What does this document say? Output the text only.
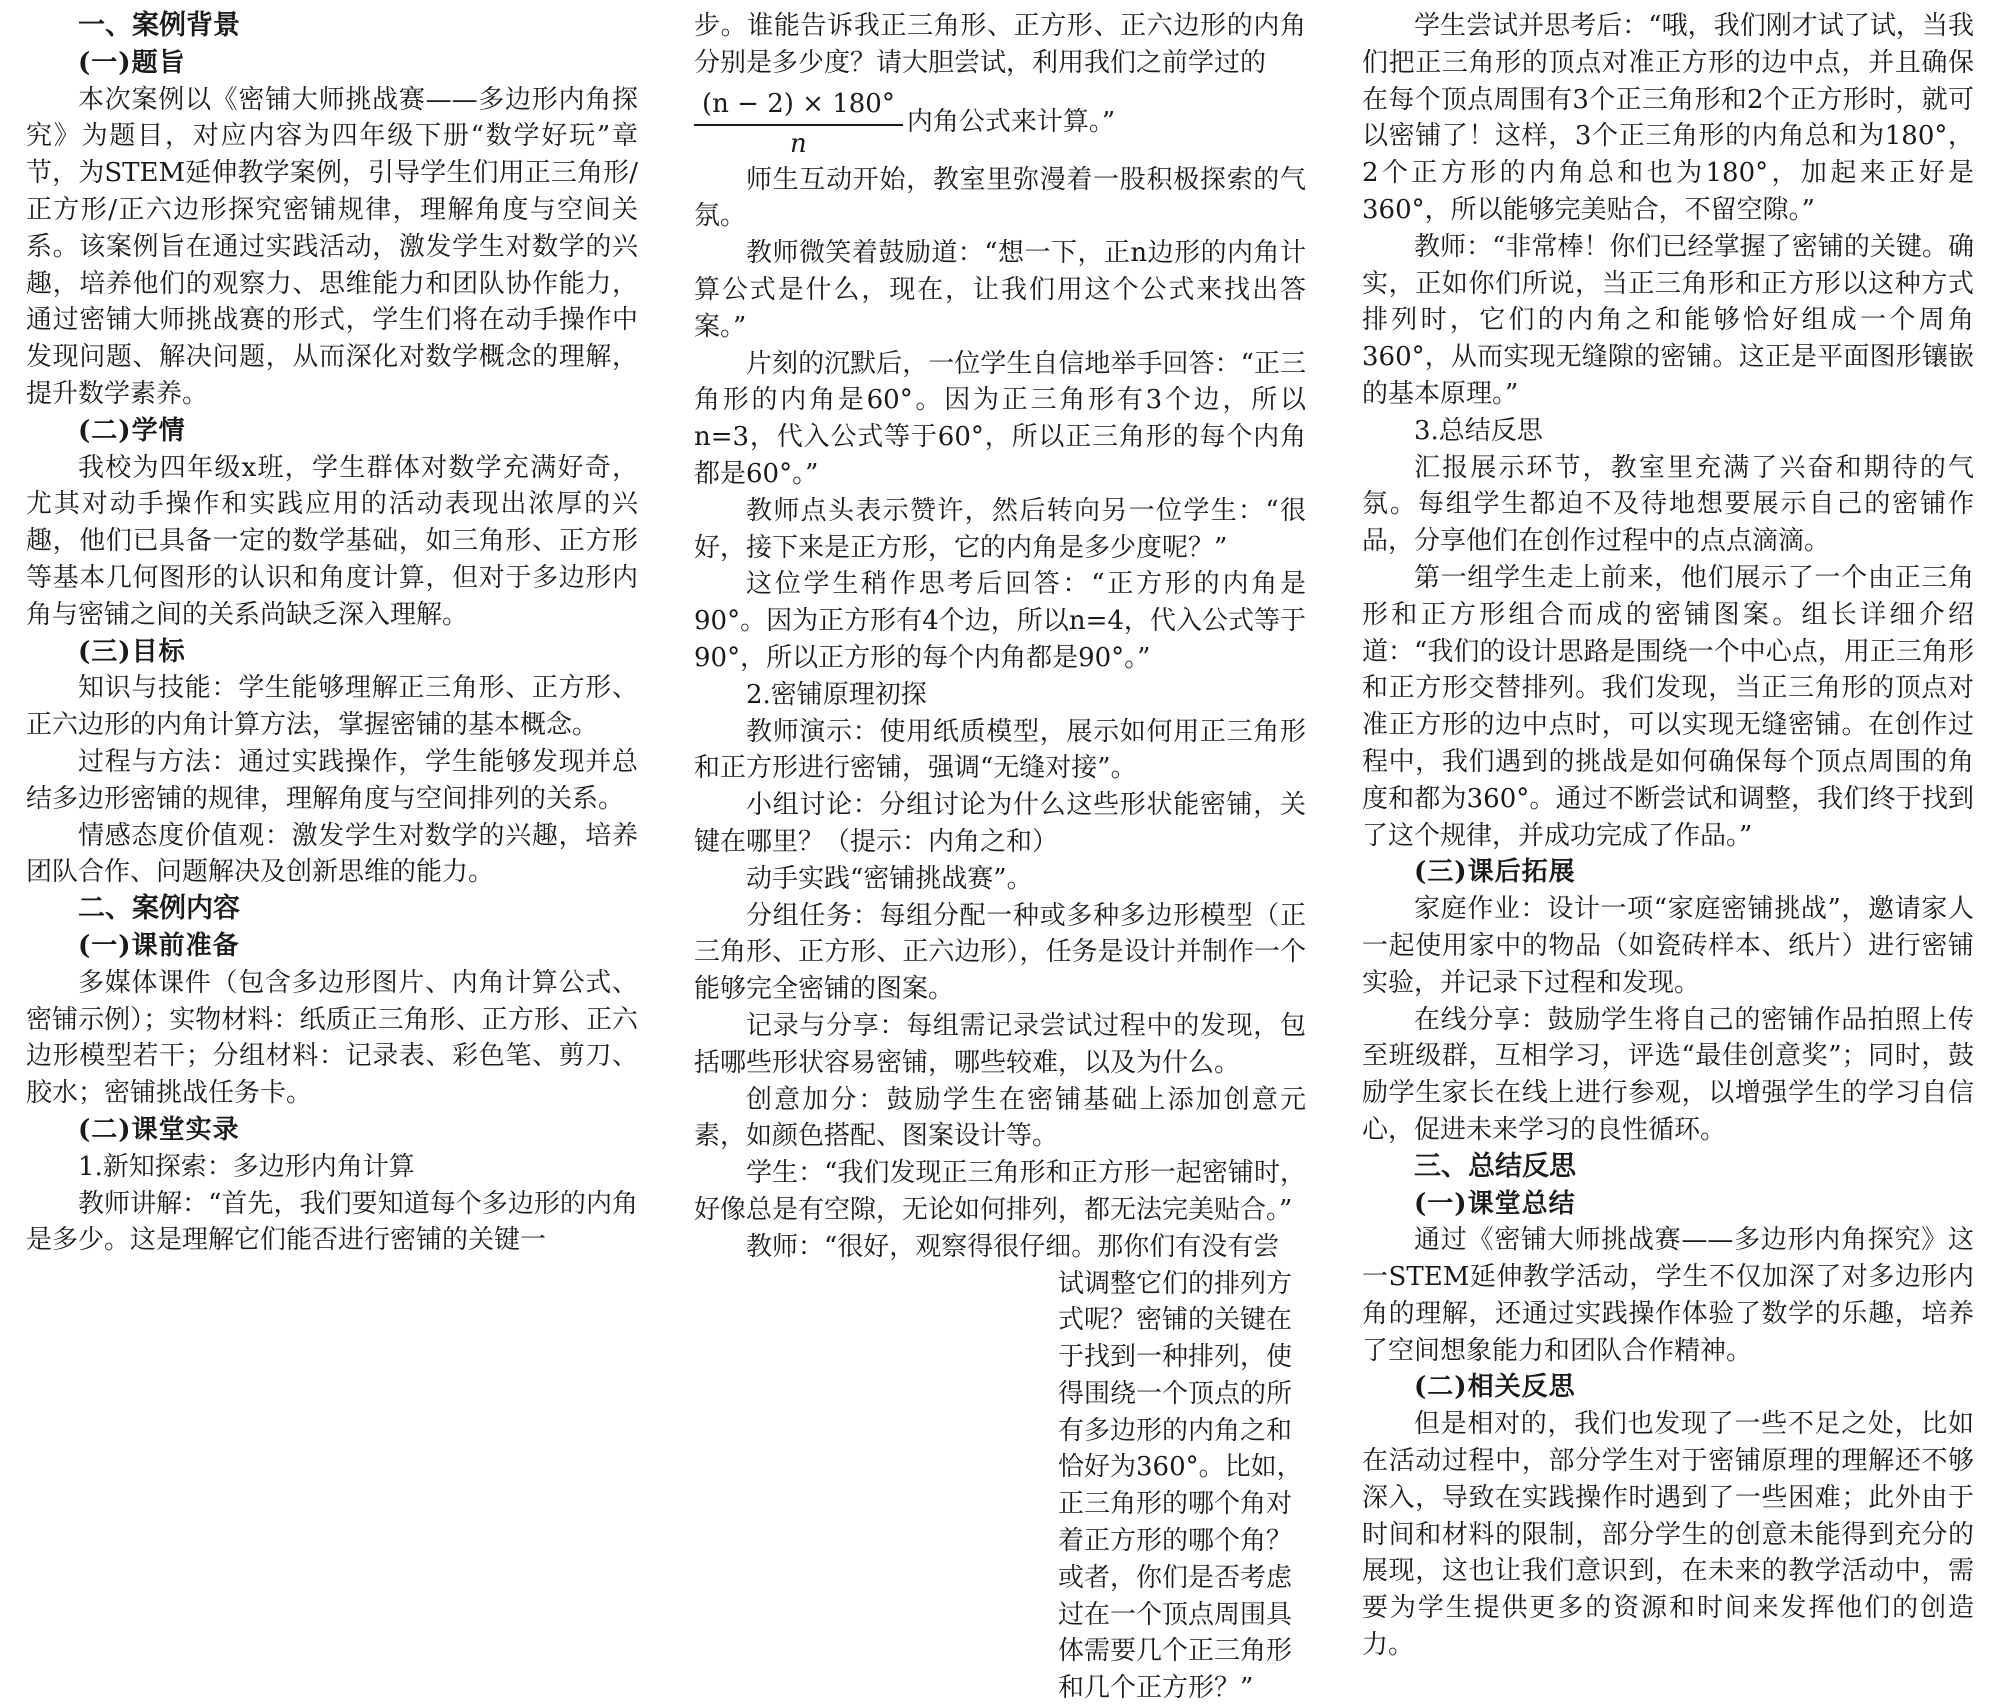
一、案例背景
(一)题旨

本次案例以《密铺大师挑战赛——多边形内角探究》为题目，对应内容为四年级下册“数学好玩”章节，为STEM延伸教学案例，引导学生们用正三角形/正方形/正六边形探究密铺规律，理解角度与空间关系。该案例旨在通过实践活动，激发学生对数学的兴趣，培养他们的观察力、思维能力和团队协作能力，通过密铺大师挑战赛的形式，学生们将在动手操作中发现问题、解决问题，从而深化对数学概念的理解，提升数学素养。

(二)学情

我校为四年级x班，学生群体对数学充满好奇，尤其对动手操作和实践应用的活动表现出浓厚的兴趣，他们已具备一定的数学基础，如三角形、正方形等基本几何图形的认识和角度计算，但对于多边形内角与密铺之间的关系尚缺乏深入理解。

(三)目标

知识与技能：学生能够理解正三角形、正方形、正六边形的内角计算方法，掌握密铺的基本概念。

过程与方法：通过实践操作，学生能够发现并总结多边形密铺的规律，理解角度与空间排列的关系。

情感态度价值观：激发学生对数学的兴趣，培养团队合作、问题解决及创新思维的能力。

二、案例内容
(一)课前准备

多媒体课件（包含多边形图片、内角计算公式、密铺示例）；实物材料：纸质正三角形、正方形、正六边形模型若干；分组材料：记录表、彩色笔、剪刀、胶水；密铺挑战任务卡。

(二)课堂实录

1.新知探索：多边形内角计算

教师讲解：“首先，我们要知道每个多边形的内角是多少。这是理解它们能否进行密铺的关键一

步。谁能告诉我正三角形、正方形、正六边形的内角分别是多少度？请大胆尝试，利用我们之前学过的

$\frac{(n - 2) \times 180^\circ}{n}$ 内角公式来计算。”

师生互动开始，教室里弥漫着一股积极探索的气氛。

教师微笑着鼓励道：“想一下，正n边形的内角计算公式是什么，现在，让我们用这个公式来找出答案。”

片刻的沉默后，一位学生自信地举手回答：“正三角形的内角是60°。因为正三角形有3个边，所以n=3，代入公式等于60°，所以正三角形的每个内角都是60°。”

教师点头表示赞许，然后转向另一位学生：“很好，接下来是正方形，它的内角是多少度呢？”

这位学生稍作思考后回答：“正方形的内角是90°。因为正方形有4个边，所以n=4，代入公式等于90°，所以正方形的每个内角都是90°。”

2.密铺原理初探

教师演示：使用纸质模型，展示如何用正三角形和正方形进行密铺，强调“无缝对接”。

小组讨论：分组讨论为什么这些形状能密铺，关键在哪里？（提示：内角之和）

动手实践“密铺挑战赛”。

分组任务：每组分配一种或多种多边形模型（正三角形、正方形、正六边形），任务是设计并制作一个能够完全密铺的图案。

记录与分享：每组需记录尝试过程中的发现，包括哪些形状容易密铺，哪些较难，以及为什么。

创意加分：鼓励学生在密铺基础上添加创意元素，如颜色搭配、图案设计等。

学生：“我们发现正三角形和正方形一起密铺时，好像总是有空隙，无论如何排列，都无法完美贴合。”

教师：“很好，观察得很仔细。那你们有没有尝

试调整它们的排列方式呢？密铺的关键在于找到一种排列，使得围绕一个顶点的所有多边形的内角之和恰好为360°。比如，正三角形的哪个角对着正方形的哪个角？或者，你们是否考虑过在一个顶点周围具体需要几个正三角形和几个正方形？”

学生尝试并思考后：“哦，我们刚才试了试，当我们把正三角形的顶点对准正方形的边中点，并且确保在每个顶点周围有3个正三角形和2个正方形时，就可以密铺了！这样，3个正三角形的内角总和为180°，2个正方形的内角总和也为180°，加起来正好是360°，所以能够完美贴合，不留空隙。”

教师：“非常棒！你们已经掌握了密铺的关键。确实，正如你们所说，当正三角形和正方形以这种方式排列时，它们的内角之和能够恰好组成一个周角360°，从而实现无缝隙的密铺。这正是平面图形镶嵌的基本原理。”

3.总结反思

汇报展示环节，教室里充满了兴奋和期待的气氛。每组学生都迫不及待地想要展示自己的密铺作品，分享他们在创作过程中的点点滴滴。

第一组学生走上前来，他们展示了一个由正三角形和正方形组合而成的密铺图案。组长详细介绍道：“我们的设计思路是围绕一个中心点，用正三角形和正方形交替排列。我们发现，当正三角形的顶点对准正方形的边中点时，可以实现无缝密铺。在创作过程中，我们遇到的挑战是如何确保每个顶点周围的角度和都为360°。通过不断尝试和调整，我们终于找到了这个规律，并成功完成了作品。”

(三)课后拓展

家庭作业：设计一项“家庭密铺挑战”，邀请家人一起使用家中的物品（如瓷砖样本、纸片）进行密铺实验，并记录下过程和发现。

在线分享：鼓励学生将自己的密铺作品拍照上传至班级群，互相学习，评选“最佳创意奖”；同时，鼓励学生家长在线上进行参观，以增强学生的学习自信心，促进未来学习的良性循环。

三、总结反思
(一)课堂总结

通过《密铺大师挑战赛——多边形内角探究》这一STEM延伸教学活动，学生不仅加深了对多边形内角的理解，还通过实践操作体验了数学的乐趣，培养了空间想象能力和团队合作精神。

(二)相关反思

但是相对的，我们也发现了一些不足之处，比如在活动过程中，部分学生对于密铺原理的理解还不够深入，导致在实践操作时遇到了一些困难；此外由于时间和材料的限制，部分学生的创意未能得到充分的展现，这也让我们意识到，在未来的教学活动中，需要为学生提供更多的资源和时间来发挥他们的创造力。
